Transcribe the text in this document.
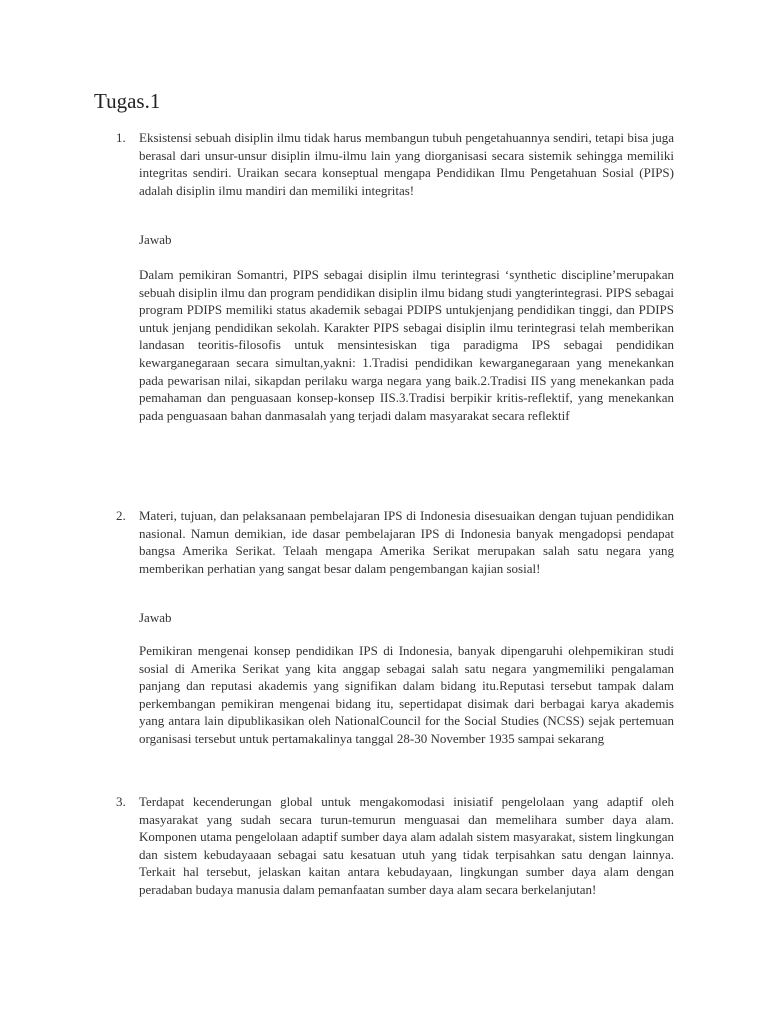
Tugas.1
1. Eksistensi sebuah disiplin ilmu tidak harus membangun tubuh pengetahuannya sendiri, tetapi bisa juga berasal dari unsur-unsur disiplin ilmu-ilmu lain yang diorganisasi secara sistemik sehingga memiliki integritas sendiri. Uraikan secara konseptual mengapa Pendidikan Ilmu Pengetahuan Sosial (PIPS) adalah disiplin ilmu mandiri dan memiliki integritas!

Jawab

Dalam pemikiran Somantri, PIPS sebagai disiplin ilmu terintegrasi ‘synthetic discipline’merupakan sebuah disiplin ilmu dan program pendidikan disiplin ilmu bidang studi yangterintegrasi. PIPS sebagai program PDIPS memiliki status akademik sebagai PDIPS untukjenjang pendidikan tinggi, dan PDIPS untuk jenjang pendidikan sekolah. Karakter PIPS sebagai disiplin ilmu terintegrasi telah memberikan landasan teoritis-filosofis untuk mensintesiskan tiga paradigma IPS sebagai pendidikan kewarganegaraan secara simultan,yakni: 1.Tradisi pendidikan kewarganegaraan yang menekankan pada pewarisan nilai, sikapdan perilaku warga negara yang baik.2.Tradisi IIS yang menekankan pada pemahaman dan penguasaan konsep-konsep IIS.3.Tradisi berpikir kritis-reflektif, yang menekankan pada penguasaan bahan danmasalah yang terjadi dalam masyarakat secara reflektif

2. Materi, tujuan, dan pelaksanaan pembelajaran IPS di Indonesia disesuaikan dengan tujuan pendidikan nasional. Namun demikian, ide dasar pembelajaran IPS di Indonesia banyak mengadopsi pendapat bangsa Amerika Serikat. Telaah mengapa Amerika Serikat merupakan salah satu negara yang memberikan perhatian yang sangat besar dalam pengembangan kajian sosial!

Jawab

Pemikiran mengenai konsep pendidikan IPS di Indonesia, banyak dipengaruhi olehpemikiran studi sosial di Amerika Serikat yang kita anggap sebagai salah satu negara yangmemiliki pengalaman panjang dan reputasi akademis yang signifikan dalam bidang itu.Reputasi tersebut tampak dalam perkembangan pemikiran mengenai bidang itu, sepertidapat disimak dari berbagai karya akademis yang antara lain dipublikasikan oleh NationalCouncil for the Social Studies (NCSS) sejak pertemuan organisasi tersebut untuk pertamakalinya tanggal 28-30 November 1935 sampai sekarang

3. Terdapat kecenderungan global untuk mengakomodasi inisiatif pengelolaan yang adaptif oleh masyarakat yang sudah secara turun-temurun menguasai dan memelihara sumber daya alam. Komponen utama pengelolaan adaptif sumber daya alam adalah sistem masyarakat, sistem lingkungan dan sistem kebudayaaan sebagai satu kesatuan utuh yang tidak terpisahkan satu dengan lainnya. Terkait hal tersebut, jelaskan kaitan antara kebudayaan, lingkungan sumber daya alam dengan peradaban budaya manusia dalam pemanfaatan sumber daya alam secara berkelanjutan!
